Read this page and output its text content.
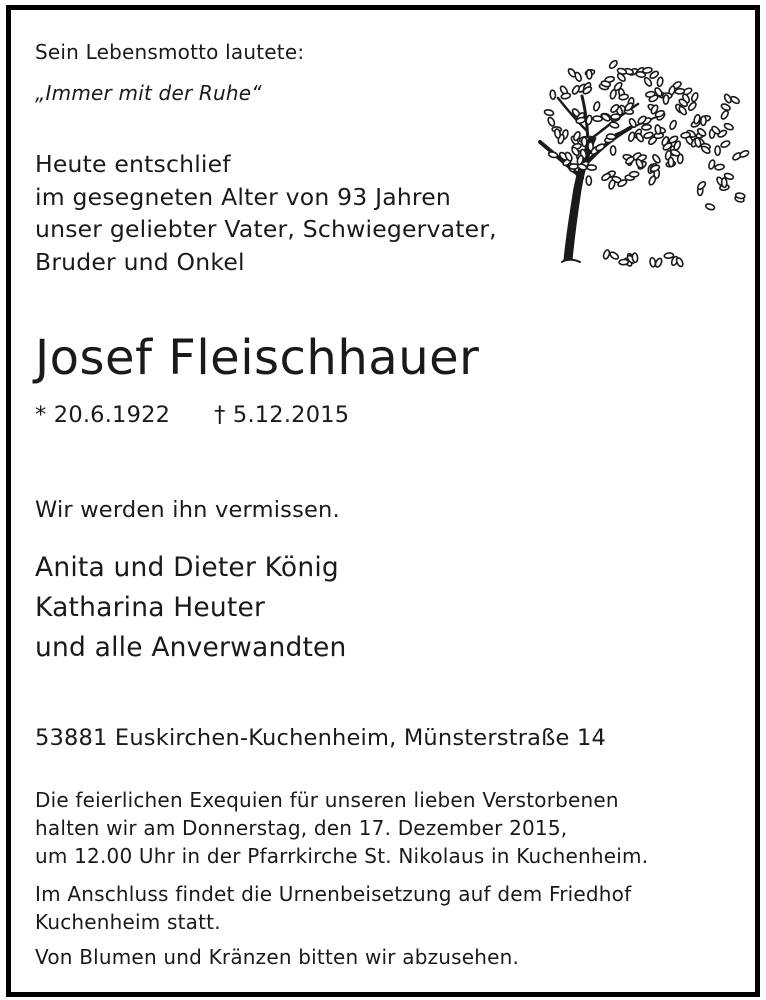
Sein Lebensmotto lautete:
„Immer mit der Ruhe“
Heute entschlief
im gesegneten Alter von 93 Jahren
unser geliebter Vater, Schwiegervater,
Bruder und Onkel
Josef Fleischhauer
* 20.6.1922 † 5.12.2015
Wir werden ihn vermissen.
Anita und Dieter König
Katharina Heuter
und alle Anverwandten
53881 Euskirchen-Kuchenheim, Münsterstraße 14
Die feierlichen Exequien für unseren lieben Verstorbenen
halten wir am Donnerstag, den 17. Dezember 2015,
um 12.00 Uhr in der Pfarrkirche St. Nikolaus in Kuchenheim.
Im Anschluss findet die Urnenbeisetzung auf dem Friedhof
Kuchenheim statt.
Von Blumen und Kränzen bitten wir abzusehen.
